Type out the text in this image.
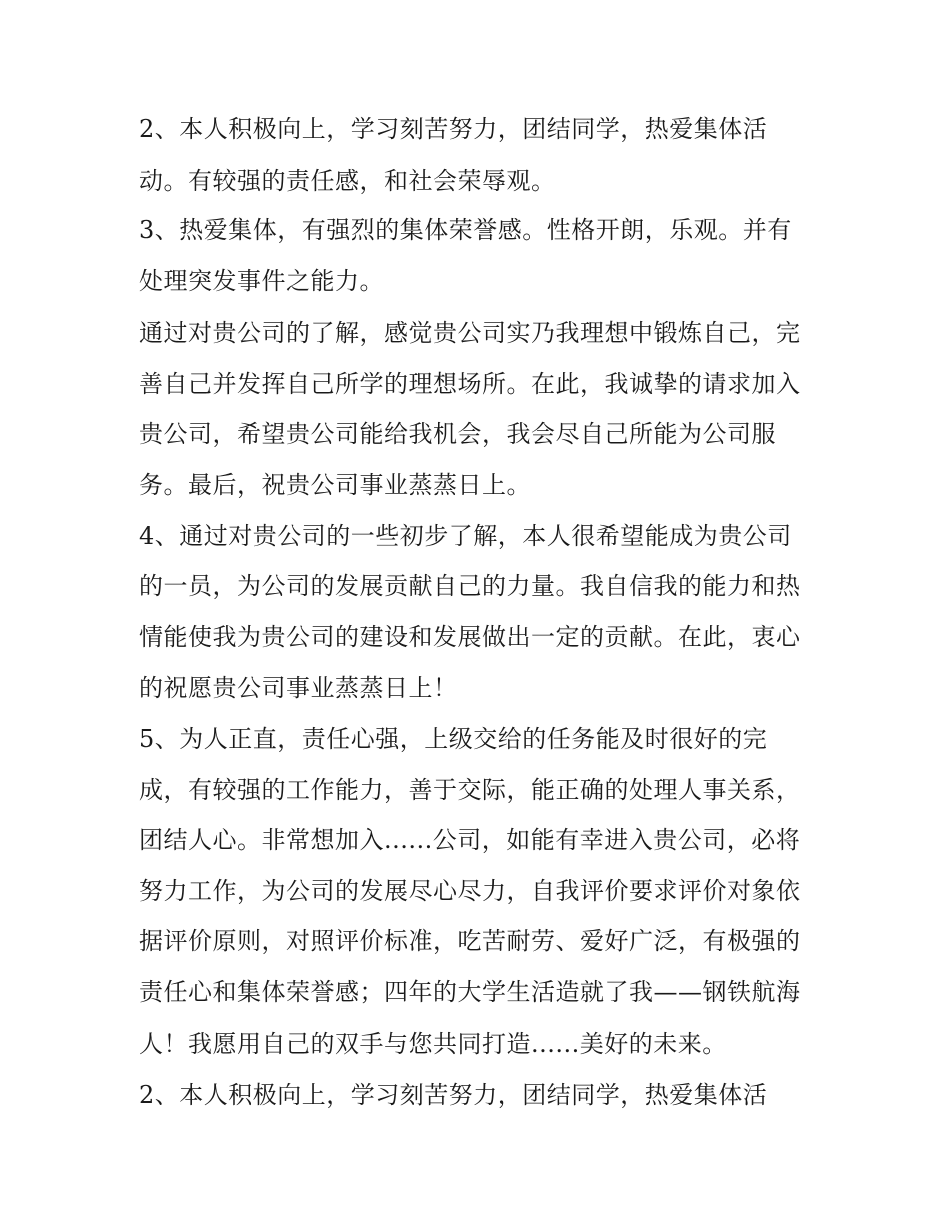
2、本人积极向上，学习刻苦努力，团结同学，热爱集体活
动。有较强的责任感，和社会荣辱观。
3、热爱集体，有强烈的集体荣誉感。性格开朗，乐观。并有
处理突发事件之能力。
通过对贵公司的了解，感觉贵公司实乃我理想中锻炼自己，完
善自己并发挥自己所学的理想场所。在此，我诚挚的请求加入
贵公司，希望贵公司能给我机会，我会尽自己所能为公司服
务。最后，祝贵公司事业蒸蒸日上。
4、通过对贵公司的一些初步了解，本人很希望能成为贵公司
的一员，为公司的发展贡献自己的力量。我自信我的能力和热
情能使我为贵公司的建设和发展做出一定的贡献。在此，衷心
的祝愿贵公司事业蒸蒸日上！
5、为人正直，责任心强，上级交给的任务能及时很好的完
成，有较强的工作能力，善于交际，能正确的处理人事关系，
团结人心。非常想加入......公司，如能有幸进入贵公司，必将
努力工作，为公司的发展尽心尽力，自我评价要求评价对象依
据评价原则，对照评价标准，吃苦耐劳、爱好广泛，有极强的
责任心和集体荣誉感；四年的大学生活造就了我——钢铁航海
人！我愿用自己的双手与您共同打造......美好的未来。
2、本人积极向上，学习刻苦努力，团结同学，热爱集体活
